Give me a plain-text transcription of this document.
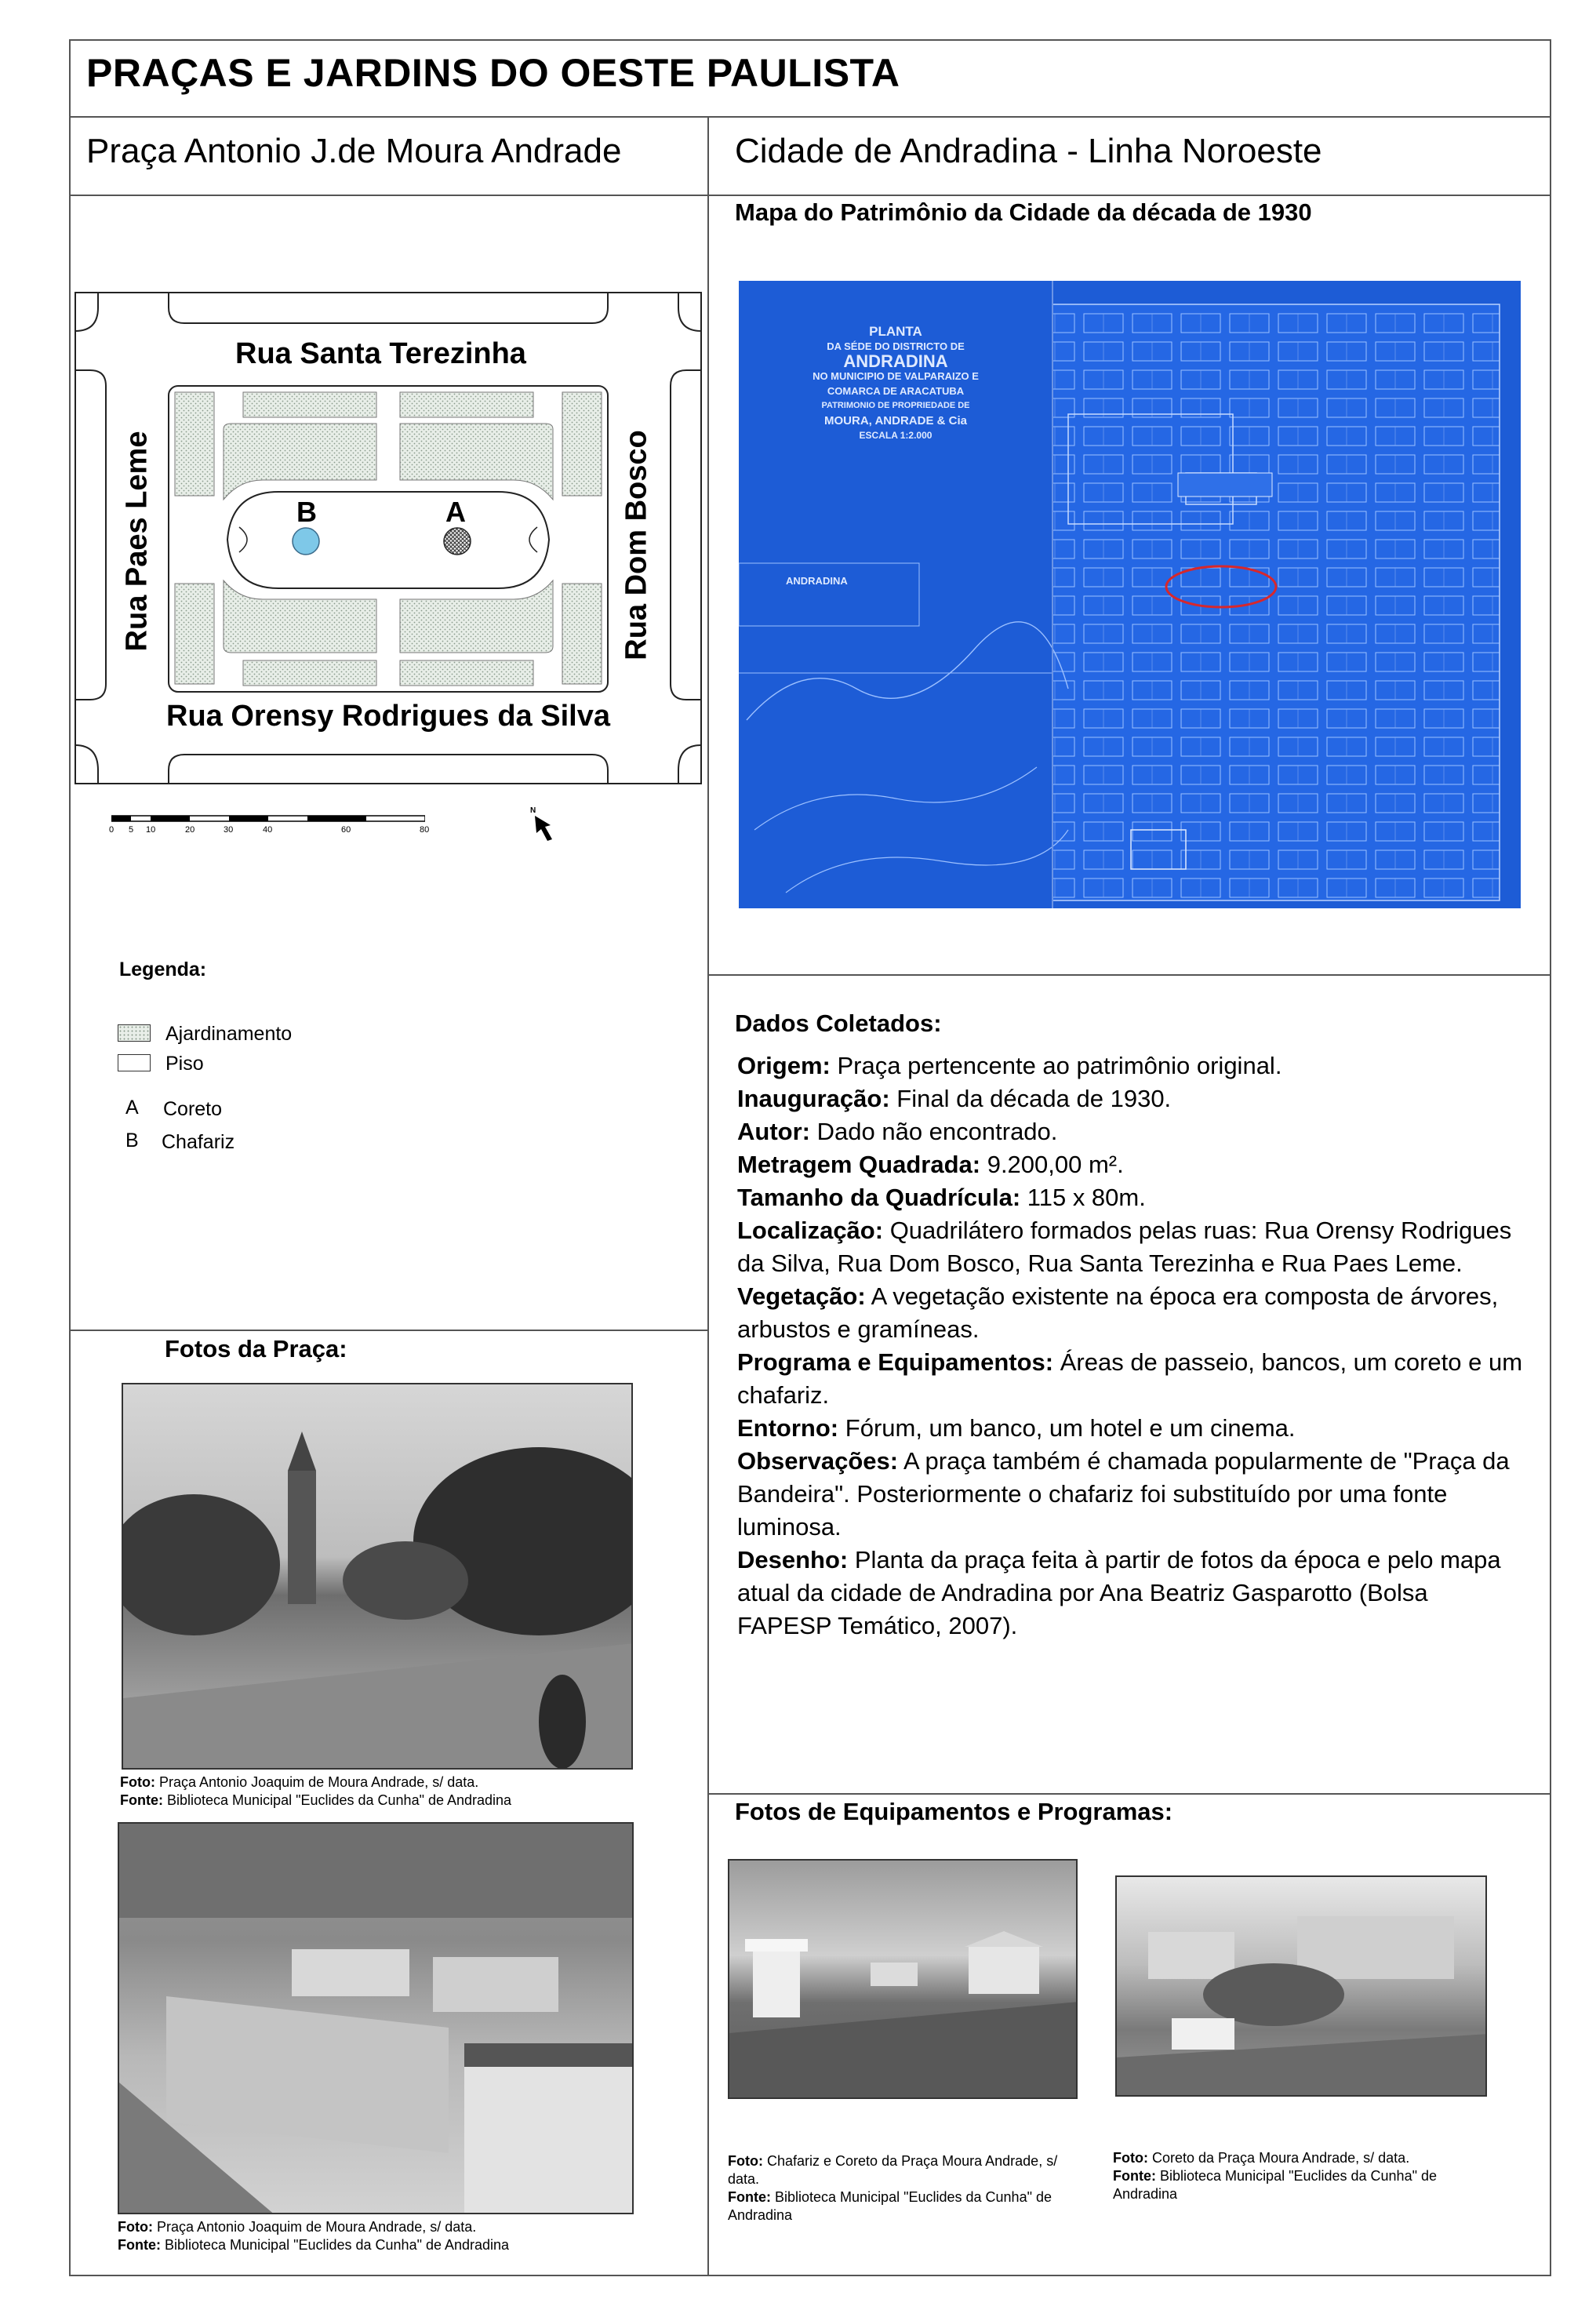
PRAÇAS E JARDINS DO OESTE PAULISTA
Praça Antonio J.de Moura Andrade	Cidade de Andradina - Linha Noroeste
Rua Santa Terezinha
Rua Orensy Rodrigues da Silva
Rua Paes Leme	Rua Dom Bosco
B	A
0 5 10	20	30	40	60	80
N
Legenda:
Ajardinamento
Piso
A Coreto
B Chafariz
Mapa do Patrimônio da Cidade da década de 1930
PLANTA
DA SÉDE DO DISTRICTO DE
ANDRADINA
NO MUNICIPIO DE VALPARAIZO E
COMARCA DE ARACATUBA
PATRIMONIO DE PROPRIEDADE DE
MOURA, ANDRADE & Cia
ESCALA 1:2.000
ANDRADINA
Dados Coletados:
Origem: Praça pertencente ao patrimônio original.
Inauguração: Final da década de 1930.
Autor: Dado não encontrado.
Metragem Quadrada: 9.200,00 m².
Tamanho da Quadrícula: 115 x 80m.
Localização: Quadrilátero formados pelas ruas: Rua Orensy Rodrigues da Silva, Rua Dom Bosco, Rua Santa Terezinha e Rua Paes Leme.
Vegetação: A vegetação existente na época era composta de árvores, arbustos e gramíneas.
Programa e Equipamentos: Áreas de passeio, bancos, um coreto e um chafariz.
Entorno: Fórum, um banco, um hotel e um cinema.
Observações: A praça também é chamada popularmente de "Praça da Bandeira". Posteriormente o chafariz foi substituído por uma fonte luminosa.
Desenho: Planta da praça feita à partir de fotos da época e pelo mapa atual da cidade de Andradina por Ana Beatriz Gasparotto (Bolsa FAPESP Temático, 2007).
Fotos da Praça:
Foto: Praça Antonio Joaquim de Moura Andrade, s/ data.
Fonte: Biblioteca Municipal "Euclides da Cunha" de Andradina
Foto: Praça Antonio Joaquim de Moura Andrade, s/ data.
Fonte: Biblioteca Municipal "Euclides da Cunha" de Andradina
Fotos de Equipamentos e Programas:
Foto: Chafariz e Coreto da Praça Moura Andrade, s/ data.
Fonte: Biblioteca Municipal "Euclides da Cunha" de Andradina
Foto: Coreto da Praça Moura Andrade, s/ data.
Fonte: Biblioteca Municipal "Euclides da Cunha" de Andradina
